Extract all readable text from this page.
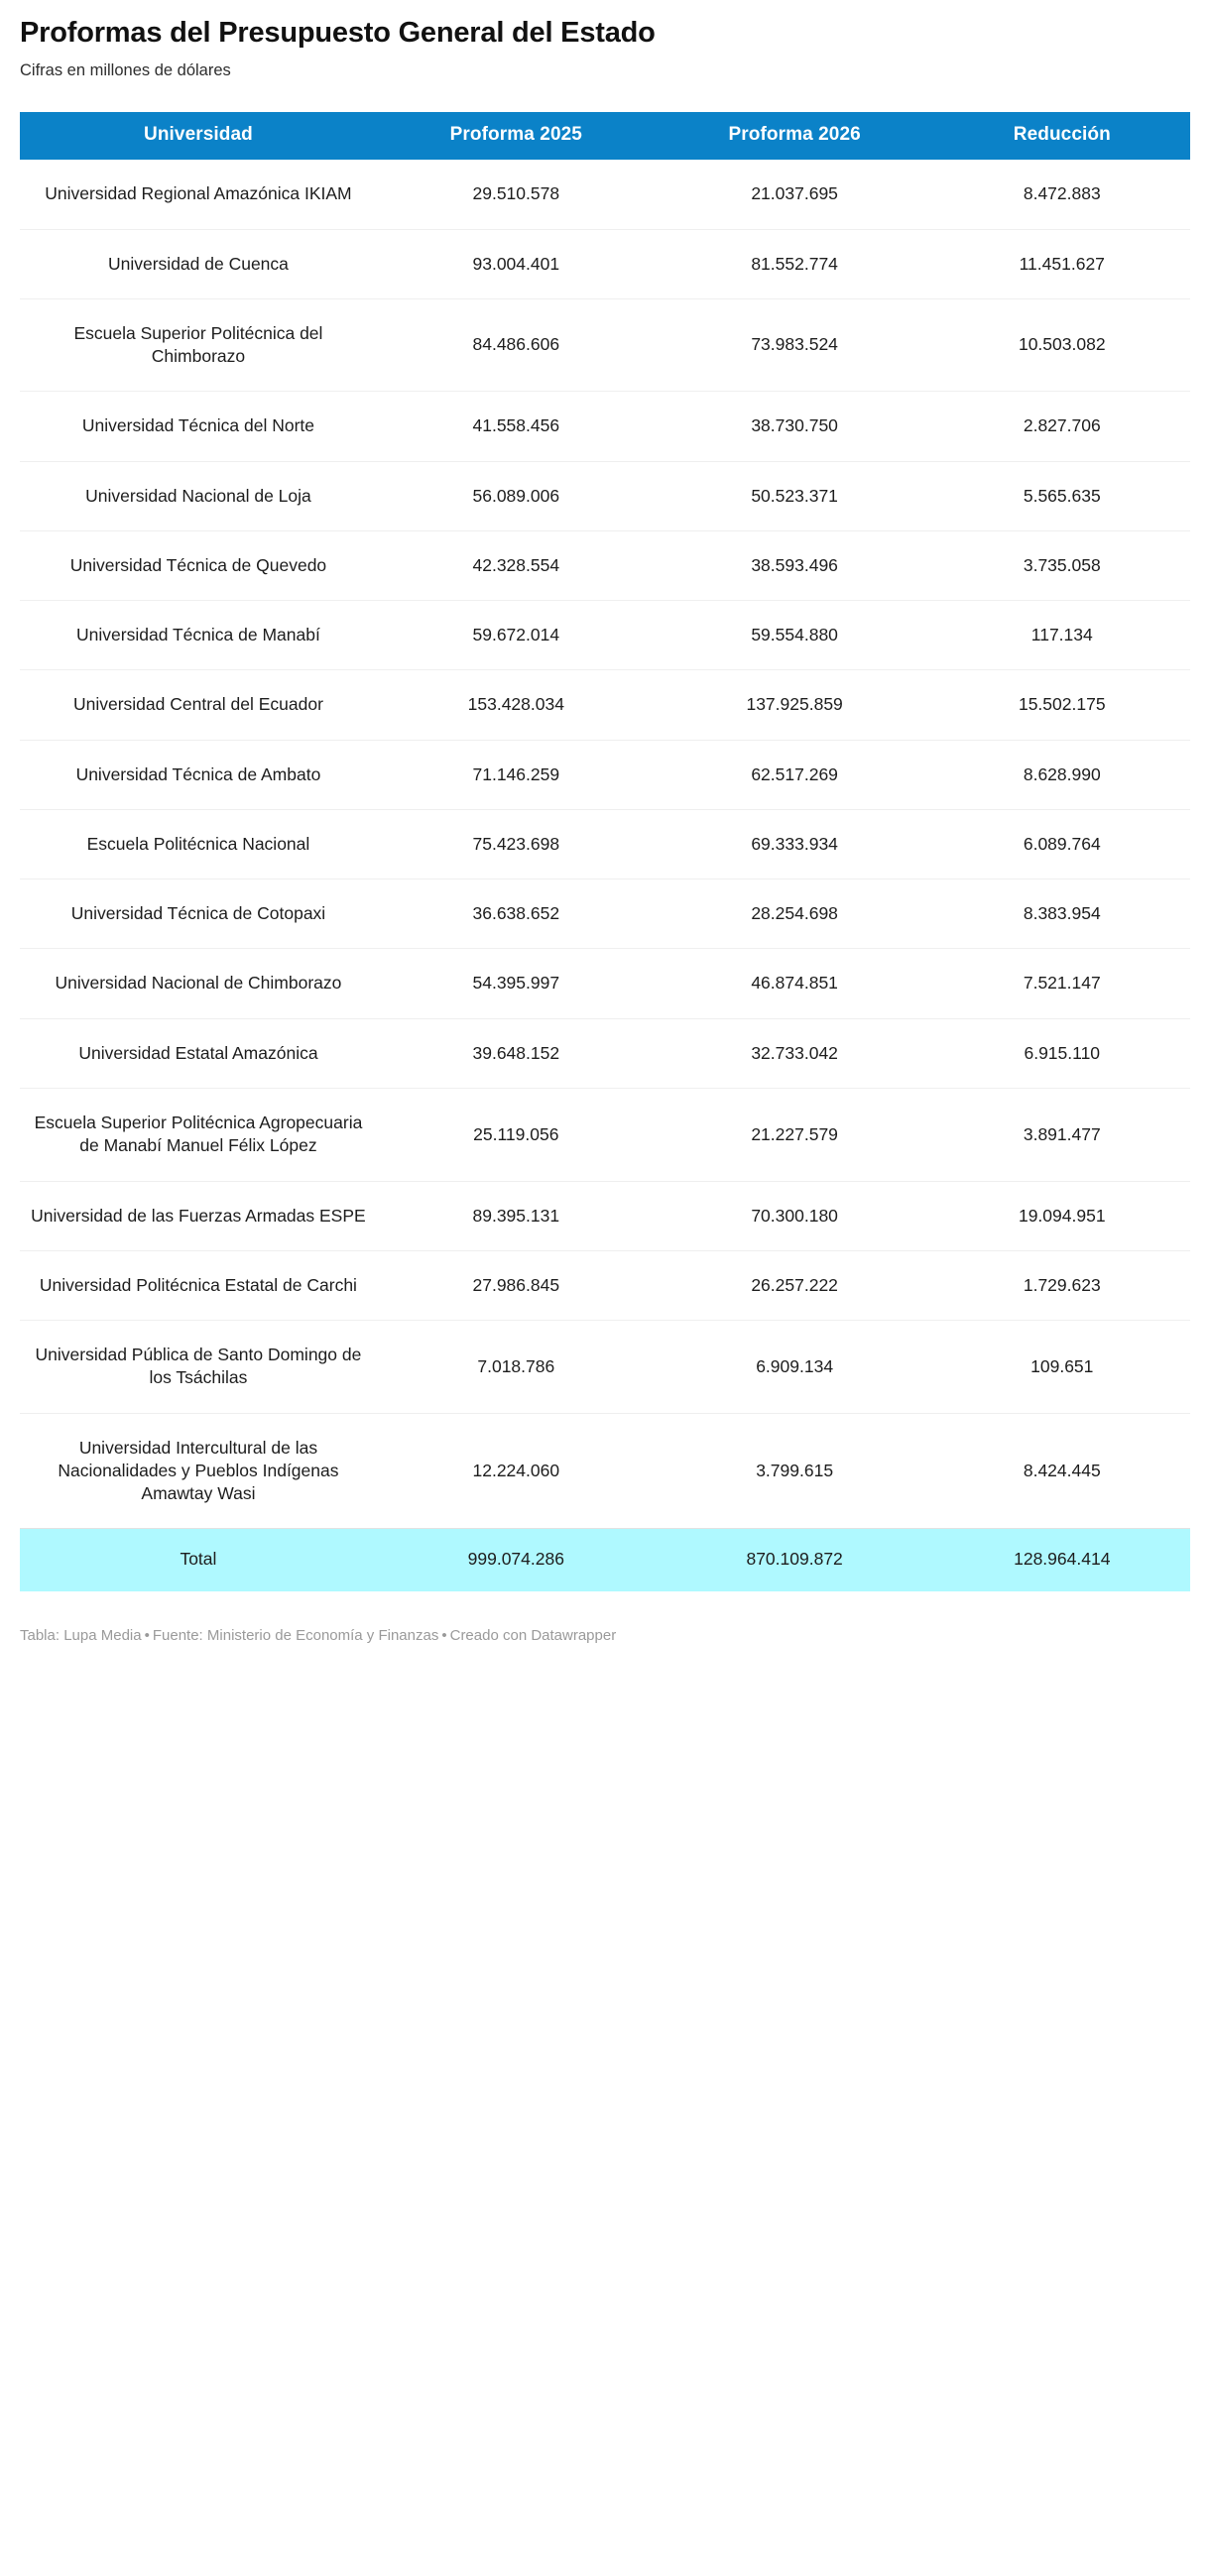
Proformas del Presupuesto General del Estado

Cifras en millones de dólares

Universidad	Proforma 2025	Proforma 2026	Reducción
Universidad Regional Amazónica IKIAM	29.510.578	21.037.695	8.472.883
Universidad de Cuenca	93.004.401	81.552.774	11.451.627
Escuela Superior Politécnica del Chimborazo	84.486.606	73.983.524	10.503.082
Universidad Técnica del Norte	41.558.456	38.730.750	2.827.706
Universidad Nacional de Loja	56.089.006	50.523.371	5.565.635
Universidad Técnica de Quevedo	42.328.554	38.593.496	3.735.058
Universidad Técnica de Manabí	59.672.014	59.554.880	117.134
Universidad Central del Ecuador	153.428.034	137.925.859	15.502.175
Universidad Técnica de Ambato	71.146.259	62.517.269	8.628.990
Escuela Politécnica Nacional	75.423.698	69.333.934	6.089.764
Universidad Técnica de Cotopaxi	36.638.652	28.254.698	8.383.954
Universidad Nacional de Chimborazo	54.395.997	46.874.851	7.521.147
Universidad Estatal Amazónica	39.648.152	32.733.042	6.915.110
Escuela Superior Politécnica Agropecuaria de Manabí Manuel Félix López	25.119.056	21.227.579	3.891.477
Universidad de las Fuerzas Armadas ESPE	89.395.131	70.300.180	19.094.951
Universidad Politécnica Estatal de Carchi	27.986.845	26.257.222	1.729.623
Universidad Pública de Santo Domingo de los Tsáchilas	7.018.786	6.909.134	109.651
Universidad Intercultural de las Nacionalidades y Pueblos Indígenas Amawtay Wasi	12.224.060	3.799.615	8.424.445
Total	999.074.286	870.109.872	128.964.414
Tabla: Lupa Media • Fuente: Ministerio de Economía y Finanzas • Creado con Datawrapper
